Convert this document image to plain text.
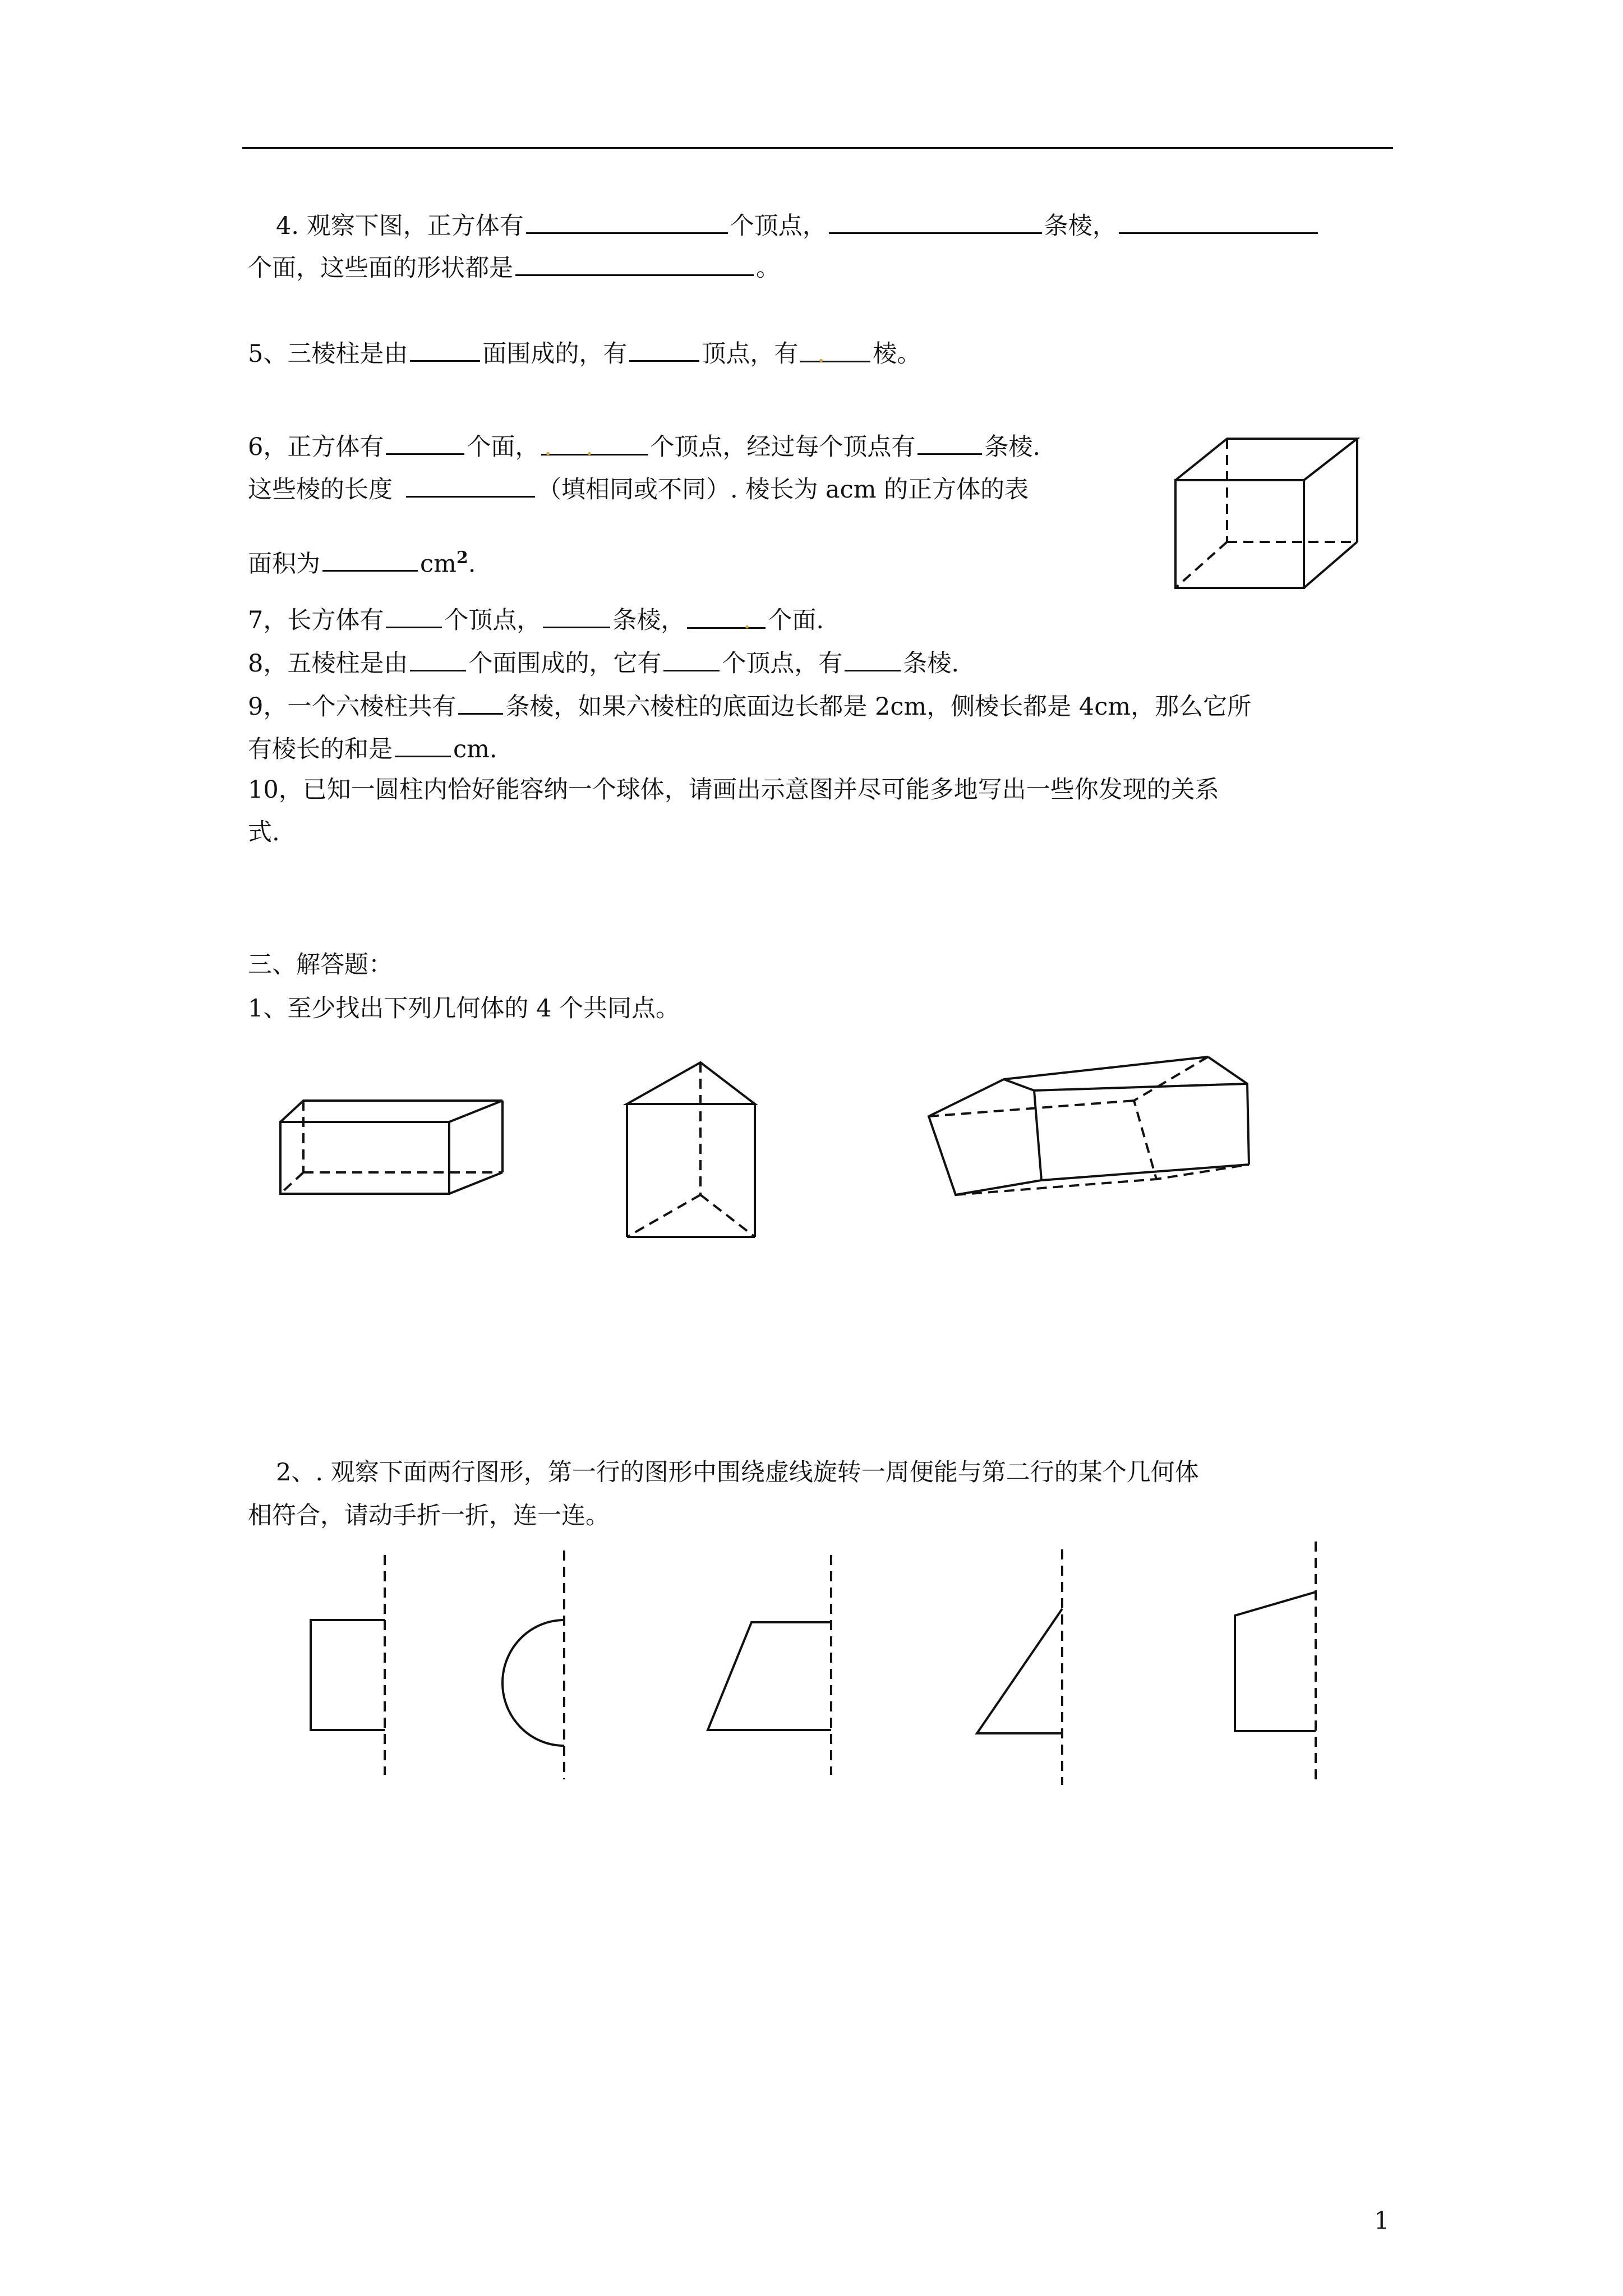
4. 观察下图，正方体有	个顶点，	条棱，
个面，这些面的形状都是	。
5、三棱柱是由	面围成的，有	顶点，有 . 棱。
6，正方体有	个面， . . 个顶点，经过每个顶点有	条棱.
这些棱的长度	（填相同或不同）. 棱长为 acm 的正方体的表
面积为	$cm^2$.
7，长方体有	个顶点，	条棱， . 个面.
8，五棱柱是由	个面围成的，它有	个顶点，有	条棱.
9，一个六棱柱共有 条棱，如果六棱柱的底面边长都是 2cm，侧棱长都是 4cm，那么它所
有棱长的和是	cm.
10，已知一圆柱内恰好能容纳一个球体，请画出示意图并尽可能多地写出一些你发现的关系
式.
三、解答题：
1、至少找出下列几何体的 4 个共同点。
2、. 观察下面两行图形，第一行的图形中围绕虚线旋转一周便能与第二行的某个几何体
相符合，请动手折一折，连一连。
1
